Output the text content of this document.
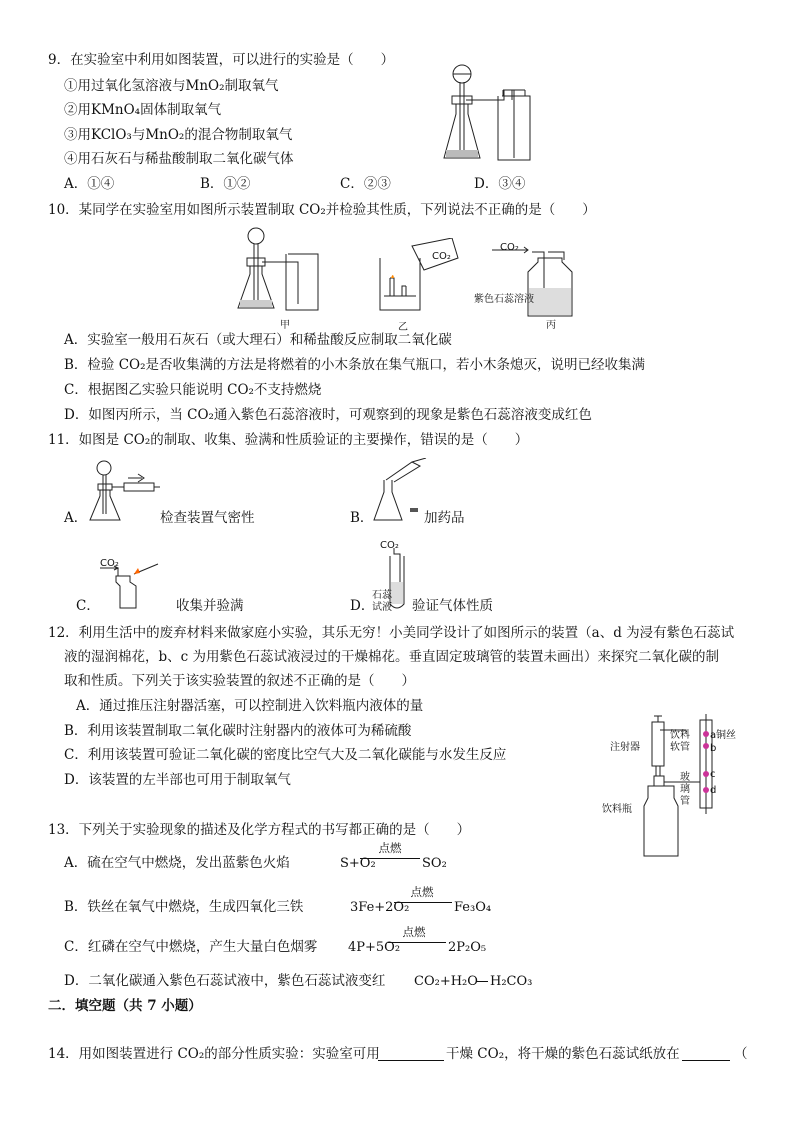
9．在实验室中利用如图装置，可以进行的实验是（　　）
①用过氧化氢溶液与MnO₂制取氧气
②用KMnO₄固体制取氧气
③用KClO₃与MnO₂的混合物制取氧气
④用石灰石与稀盐酸制取二氧化碳气体
A．①④	B．①②	C．②③	D．③④
10．某同学在实验室用如图所示装置制取 CO₂并检验其性质，下列说法不正确的是（　　）
甲
CO₂
乙
CO₂
紫色石蕊溶液
丙
A．实验室一般用石灰石（或大理石）和稀盐酸反应制取二氧化碳
B．检验 CO₂是否收集满的方法是将燃着的小木条放在集气瓶口，若小木条熄灭，说明已经收集满
C．根据图乙实验只能说明 CO₂不支持燃烧
D．如图丙所示，当 CO₂通入紫色石蕊溶液时，可观察到的现象是紫色石蕊溶液变成红色
11．如图是 CO₂的制取、收集、验满和性质验证的主要操作，错误的是（　　）
A．	检查装置气密性	B．	加药品
CO₂
C．	收集并验满
CO₂
石蕊
试液
D．	验证气体性质
12．利用生活中的废弃材料来做家庭小实验，其乐无穷！小美同学设计了如图所示的装置（a、d 为浸有紫色石蕊试
液的湿润棉花，b、c 为用紫色石蕊试液浸过的干燥棉花。垂直固定玻璃管的装置未画出）来探究二氧化碳的制
取和性质。下列关于该实验装置的叙述不正确的是（　　）
A．通过推压注射器活塞，可以控制进入饮料瓶内液体的量
B．利用该装置制取二氧化碳时注射器内的液体可为稀硫酸
C．利用该装置可验证二氧化碳的密度比空气大及二氧化碳能与水发生反应
D．该装置的左半部也可用于制取氧气
注射器
饮料
软管
铜丝
玻
璃
管
饮料瓶
a
b
c
d
13．下列关于实验现象的描述及化学方程式的书写都正确的是（　　）
A．硫在空气中燃烧，发出蓝紫色火焰	S+O₂
点燃
SO₂
B．铁丝在氧气中燃烧，生成四氧化三铁	3Fe+2O₂
点燃
Fe₃O₄
C．红磷在空气中燃烧，产生大量白色烟雾 4P+5O₂
点燃
2P₂O₅
D．二氧化碳通入紫色石蕊试液中，紫色石蕊试液变红 CO₂+H₂O H₂CO₃
二．填空题（共 7 小题）
14．用如图装置进行 CO₂的部分性质实验：实验室可用	干燥 CO₂，将干燥的紫色石蕊试纸放在	（
